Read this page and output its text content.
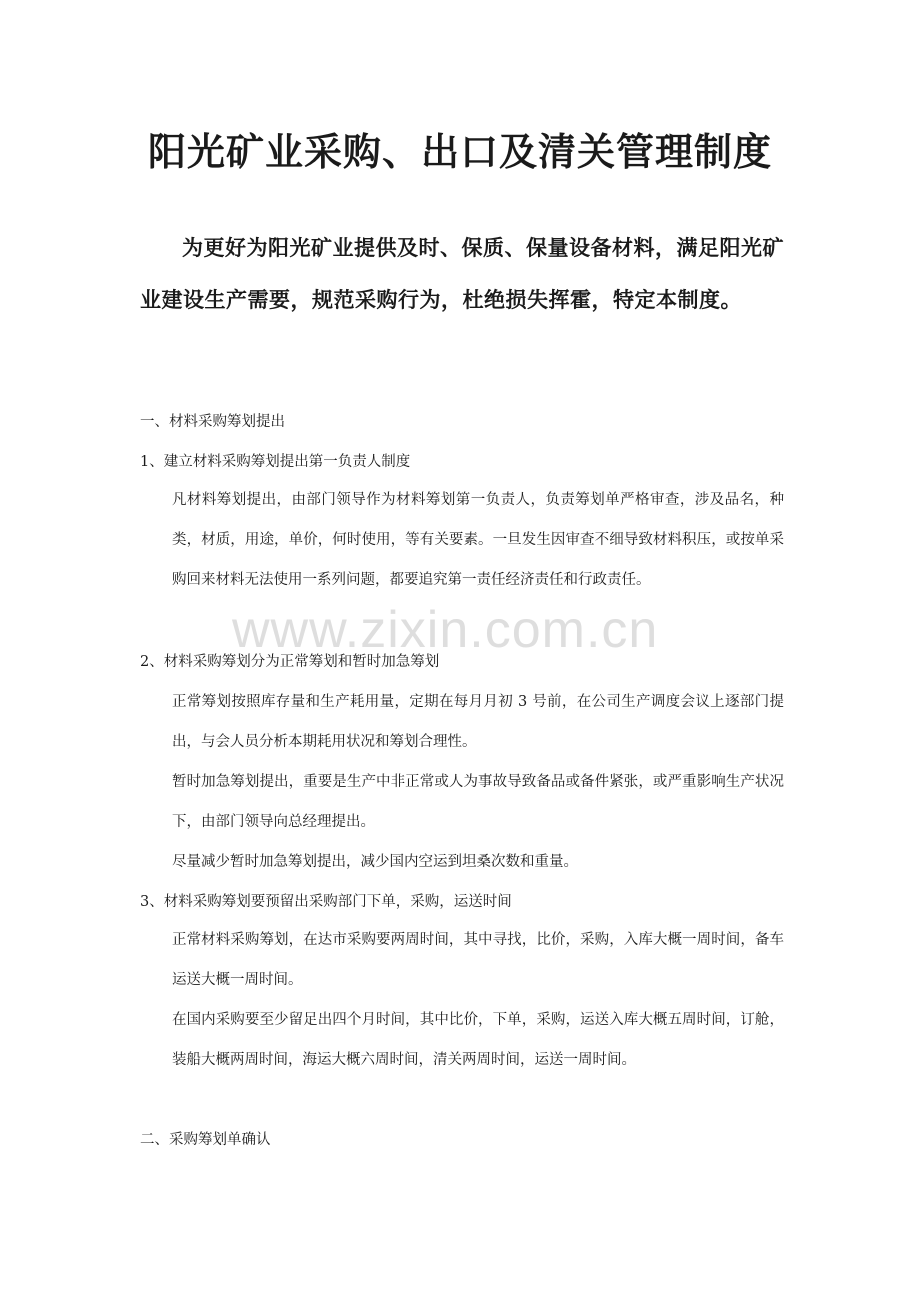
阳光矿业采购、出口及清关管理制度
为更好为阳光矿业提供及时、保质、保量设备材料，满足阳光矿业建设生产需要，规范采购行为，杜绝损失挥霍，特定本制度。
一、材料采购筹划提出
1、建立材料采购筹划提出第一负责人制度
凡材料筹划提出，由部门领导作为材料筹划第一负责人，负责筹划单严格审查，涉及品名，种类，材质，用途，单价，何时使用，等有关要素。一旦发生因审查不细导致材料积压，或按单采购回来材料无法使用一系列问题，都要追究第一责任经济责任和行政责任。
2、材料采购筹划分为正常筹划和暂时加急筹划
正常筹划按照库存量和生产耗用量，定期在每月月初 3 号前，在公司生产调度会议上逐部门提出，与会人员分析本期耗用状况和筹划合理性。
暂时加急筹划提出，重要是生产中非正常或人为事故导致备品或备件紧张，或严重影响生产状况下，由部门领导向总经理提出。
尽量减少暂时加急筹划提出，减少国内空运到坦桑次数和重量。
3、材料采购筹划要预留出采购部门下单，采购，运送时间
正常材料采购筹划，在达市采购要两周时间，其中寻找，比价，采购，入库大概一周时间，备车运送大概一周时间。
在国内采购要至少留足出四个月时间，其中比价，下单，采购，运送入库大概五周时间，订舱，装船大概两周时间，海运大概六周时间，清关两周时间，运送一周时间。
二、采购筹划单确认
www.zixin.com.cn
